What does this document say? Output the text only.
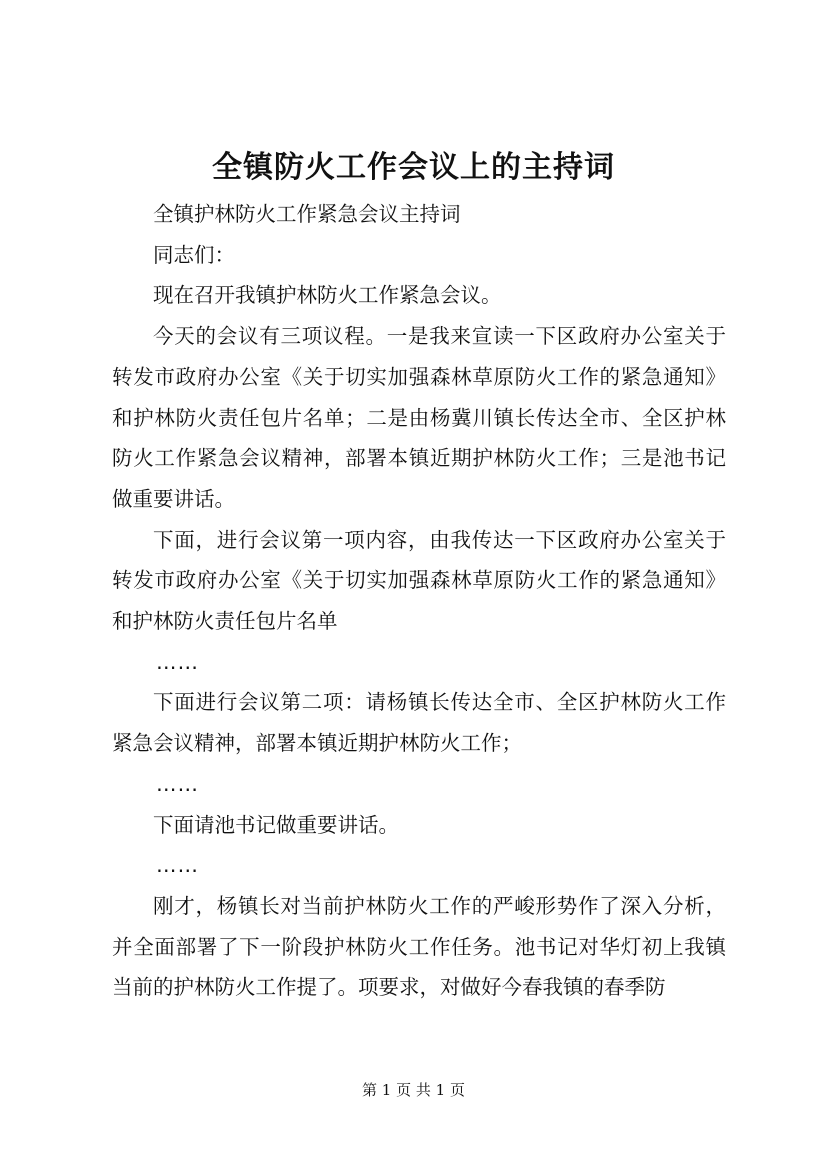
全镇防火工作会议上的主持词

全镇护林防火工作紧急会议主持词

同志们：

现在召开我镇护林防火工作紧急会议。

今天的会议有三项议程。一是我来宣读一下区政府办公室关于转发市政府办公室《关于切实加强森林草原防火工作的紧急通知》和护林防火责任包片名单；二是由杨冀川镇长传达全市、全区护林防火工作紧急会议精神，部署本镇近期护林防火工作；三是池书记做重要讲话。

下面，进行会议第一项内容，由我传达一下区政府办公室关于转发市政府办公室《关于切实加强森林草原防火工作的紧急通知》和护林防火责任包片名单

……

下面进行会议第二项：请杨镇长传达全市、全区护林防火工作紧急会议精神，部署本镇近期护林防火工作；

……

下面请池书记做重要讲话。

……

刚才，杨镇长对当前护林防火工作的严峻形势作了深入分析，并全面部署了下一阶段护林防火工作任务。池书记对华灯初上我镇当前的护林防火工作提了。项要求，对做好今春我镇的春季防

第 1 页 共 1 页
